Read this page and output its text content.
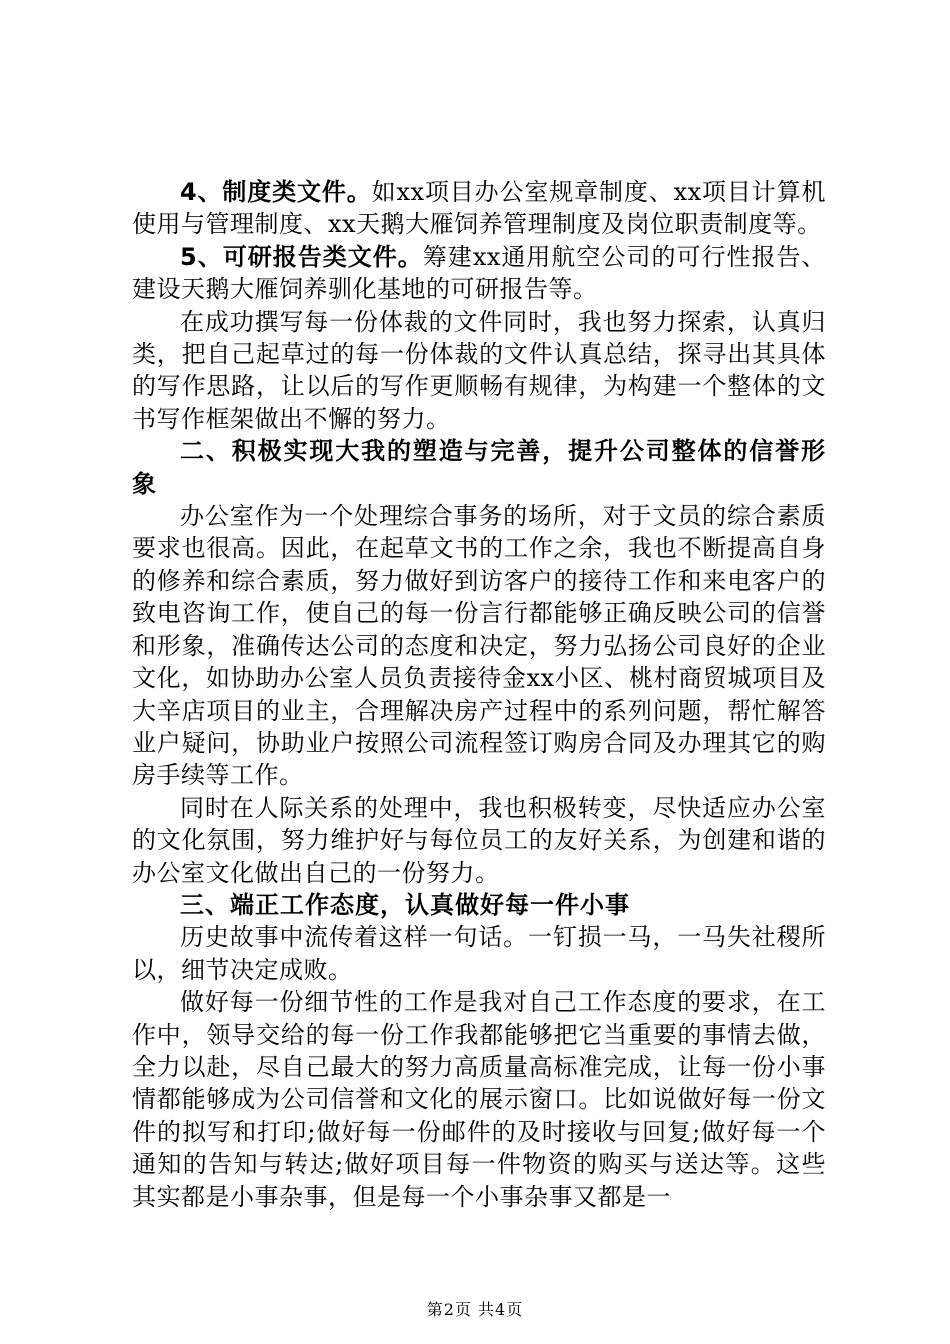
4、制度类文件。如xx项目办公室规章制度、xx项目计算机使用与管理制度、xx天鹅大雁饲养管理制度及岗位职责制度等。

5、可研报告类文件。筹建xx通用航空公司的可行性报告、建设天鹅大雁饲养驯化基地的可研报告等。

在成功撰写每一份体裁的文件同时，我也努力探索，认真归类，把自己起草过的每一份体裁的文件认真总结，探寻出其具体的写作思路，让以后的写作更顺畅有规律，为构建一个整体的文书写作框架做出不懈的努力。

二、积极实现大我的塑造与完善，提升公司整体的信誉形象

办公室作为一个处理综合事务的场所，对于文员的综合素质要求也很高。因此，在起草文书的工作之余，我也不断提高自身的修养和综合素质，努力做好到访客户的接待工作和来电客户的致电咨询工作，使自己的每一份言行都能够正确反映公司的信誉和形象，准确传达公司的态度和决定，努力弘扬公司良好的企业文化，如协助办公室人员负责接待金xx小区、桃村商贸城项目及大辛店项目的业主，合理解决房产过程中的系列问题，帮忙解答业户疑问，协助业户按照公司流程签订购房合同及办理其它的购房手续等工作。

同时在人际关系的处理中，我也积极转变，尽快适应办公室的文化氛围，努力维护好与每位员工的友好关系，为创建和谐的办公室文化做出自己的一份努力。

三、端正工作态度，认真做好每一件小事

历史故事中流传着这样一句话。一钉损一马，一马失社稷所以，细节决定成败。

做好每一份细节性的工作是我对自己工作态度的要求，在工作中，领导交给的每一份工作我都能够把它当重要的事情去做，全力以赴，尽自己最大的努力高质量高标准完成，让每一份小事情都能够成为公司信誉和文化的展示窗口。比如说做好每一份文件的拟写和打印;做好每一份邮件的及时接收与回复;做好每一个通知的告知与转达;做好项目每一件物资的购买与送达等。这些其实都是小事杂事，但是每一个小事杂事又都是一

第2页 共4页
